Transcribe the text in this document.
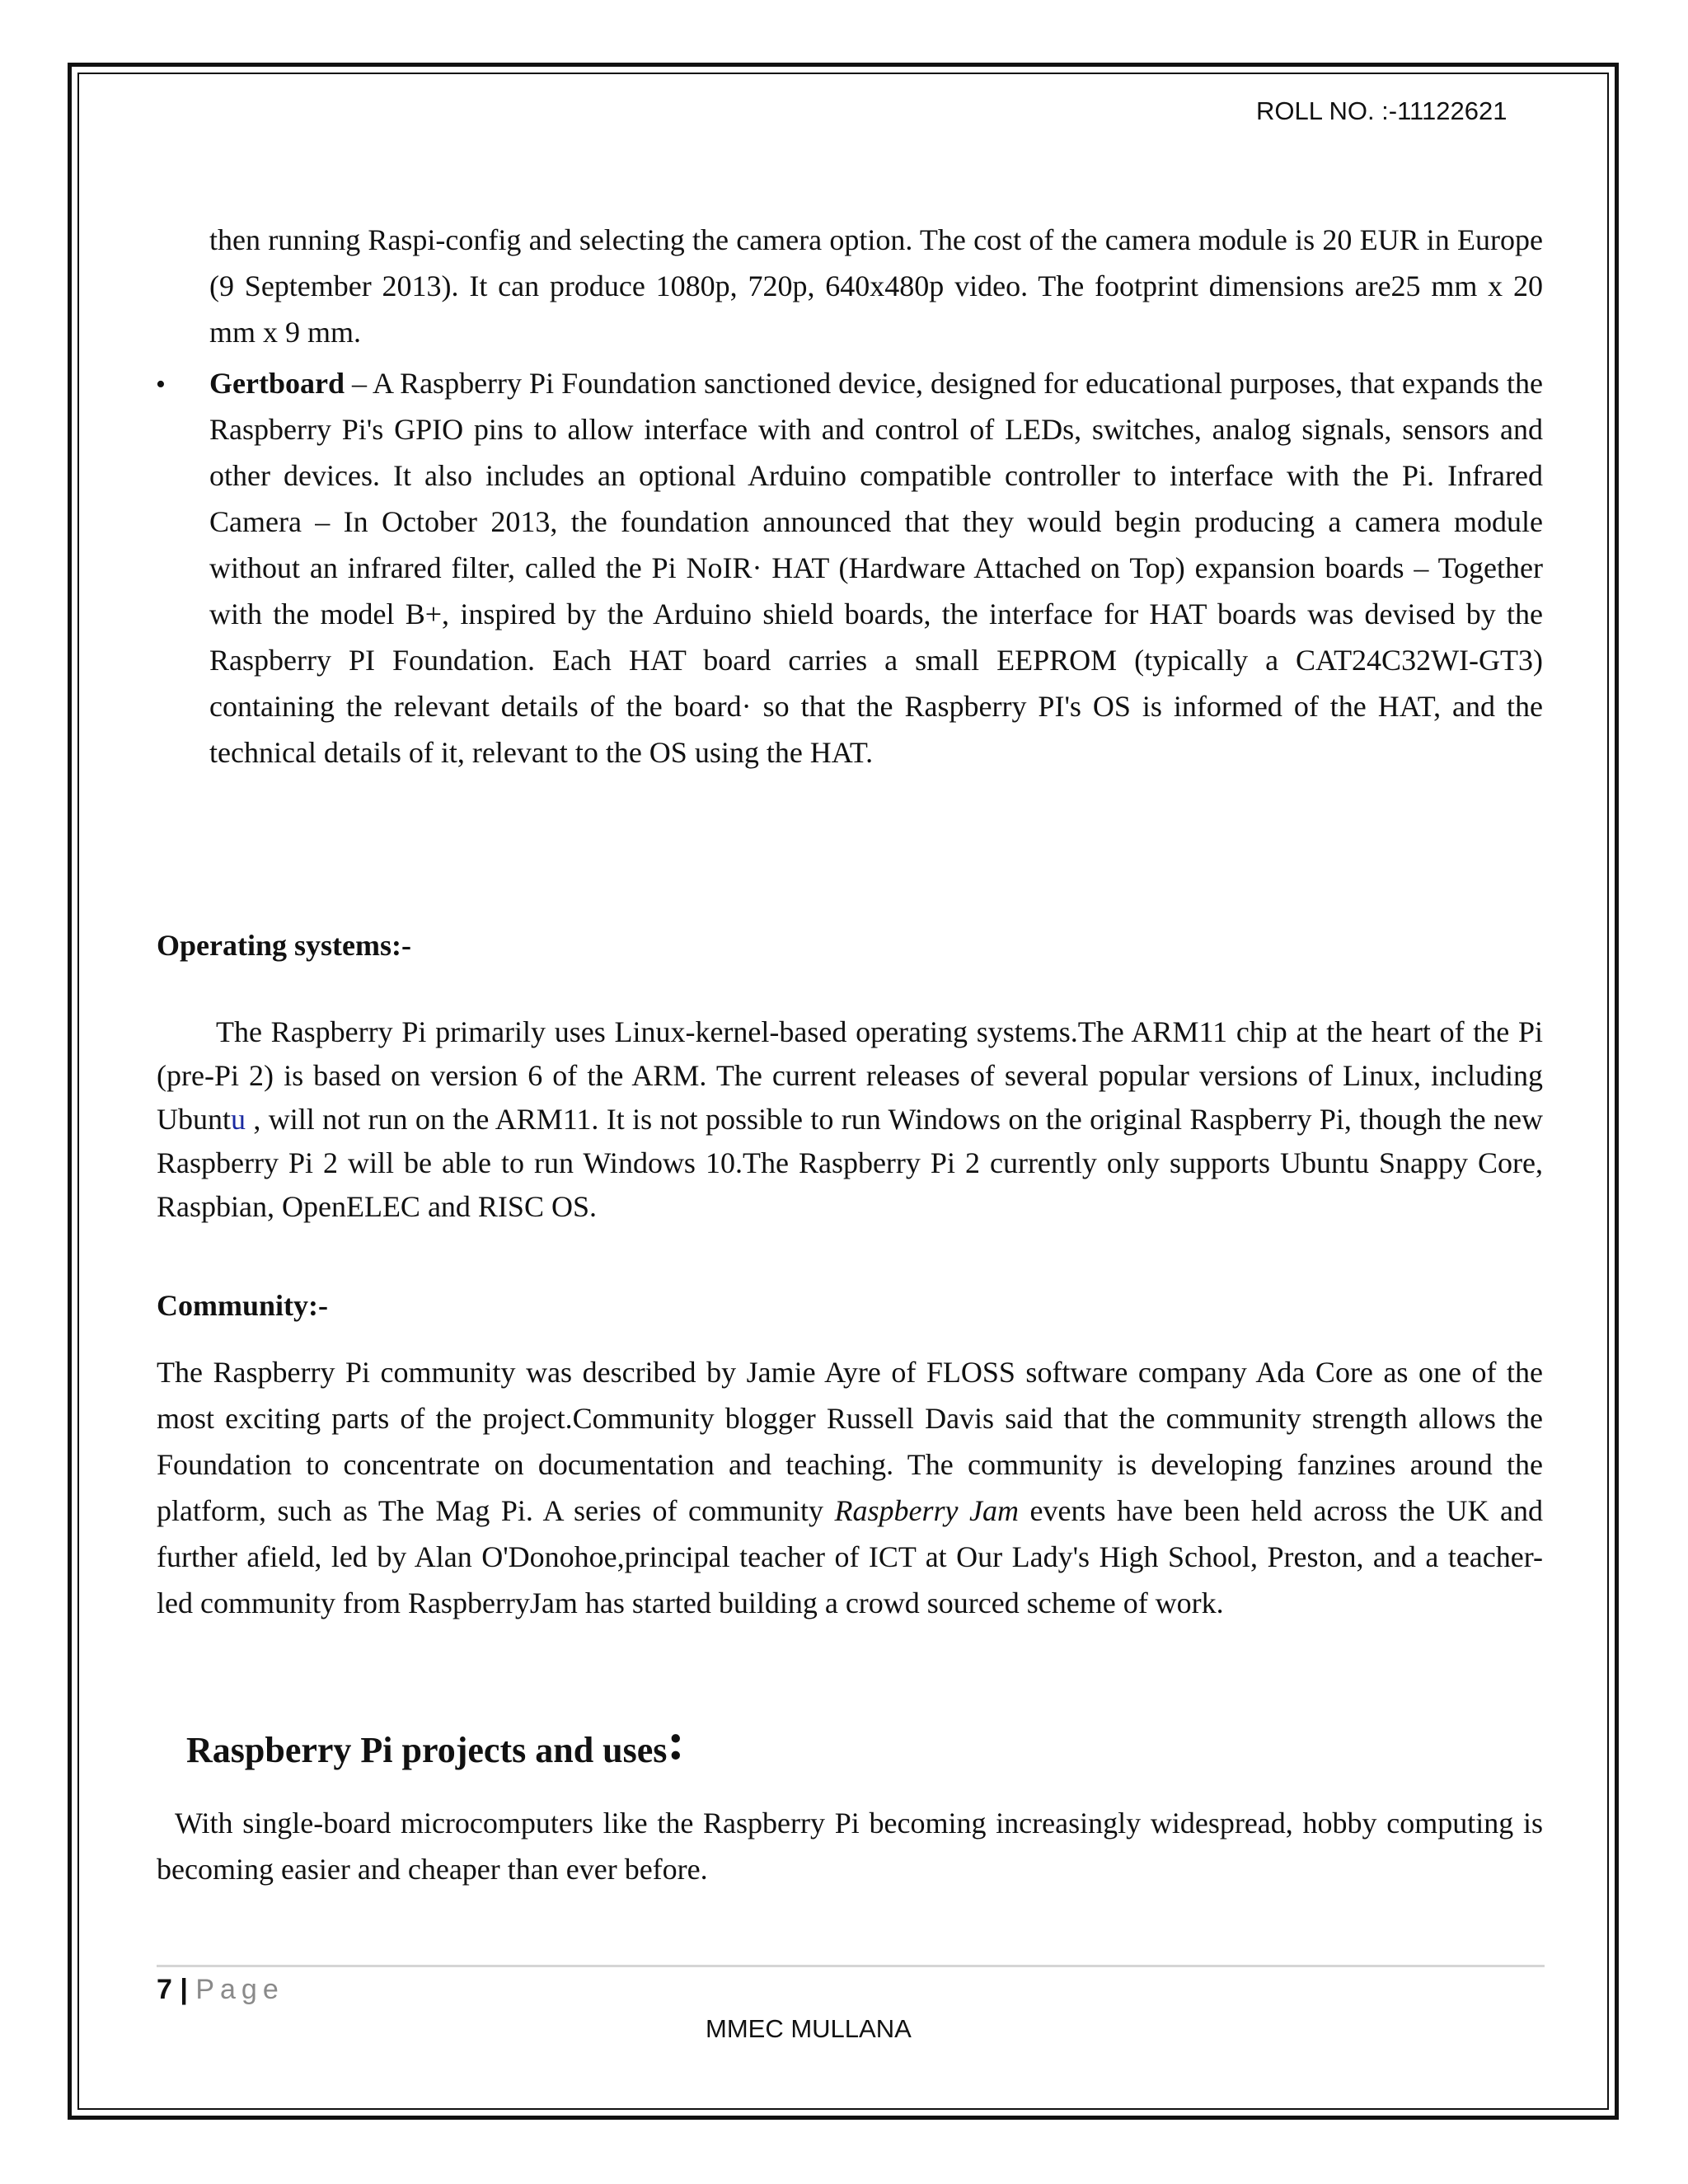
ROLL NO. :-11122621

then running Raspi-config and selecting the camera option. The cost of the camera module is 20 EUR in Europe (9 September 2013). It can produce 1080p, 720p, 640x480p video. The footprint dimensions are25 mm x 20 mm x 9 mm.

• Gertboard – A Raspberry Pi Foundation sanctioned device, designed for educational purposes, that expands the Raspberry Pi's GPIO pins to allow interface with and control of LEDs, switches, analog signals, sensors and other devices. It also includes an optional Arduino compatible controller to interface with the Pi. Infrared Camera – In October 2013, the foundation announced that they would begin producing a camera module without an infrared filter, called the Pi NoIR· HAT (Hardware Attached on Top) expansion boards – Together with the model B+, inspired by the Arduino shield boards, the interface for HAT boards was devised by the Raspberry PI Foundation. Each HAT board carries a small EEPROM (typically a CAT24C32WI-GT3) containing the relevant details of the board· so that the Raspberry PI's OS is informed of the HAT, and the technical details of it, relevant to the OS using the HAT.

Operating systems:-

The Raspberry Pi primarily uses Linux-kernel-based operating systems.The ARM11 chip at the heart of the Pi (pre-Pi 2) is based on version 6 of the ARM. The current releases of several popular versions of Linux, including Ubuntu , will not run on the ARM11. It is not possible to run Windows on the original Raspberry Pi, though the new Raspberry Pi 2 will be able to run Windows 10.The Raspberry Pi 2 currently only supports Ubuntu Snappy Core, Raspbian, OpenELEC and RISC OS.

Community:-

The Raspberry Pi community was described by Jamie Ayre of FLOSS software company Ada Core as one of the most exciting parts of the project.Community blogger Russell Davis said that the community strength allows the Foundation to concentrate on documentation and teaching. The community is developing fanzines around the platform, such as The Mag Pi. A series of community Raspberry Jam events have been held across the UK and further afield, led by Alan O'Donohoe,principal teacher of ICT at Our Lady's High School, Preston, and a teacher-led community from RaspberryJam has started building a crowd sourced scheme of work.

Raspberry Pi projects and uses:

With single-board microcomputers like the Raspberry Pi becoming increasingly widespread, hobby computing is becoming easier and cheaper than ever before.

7 | Page
MMEC MULLANA
